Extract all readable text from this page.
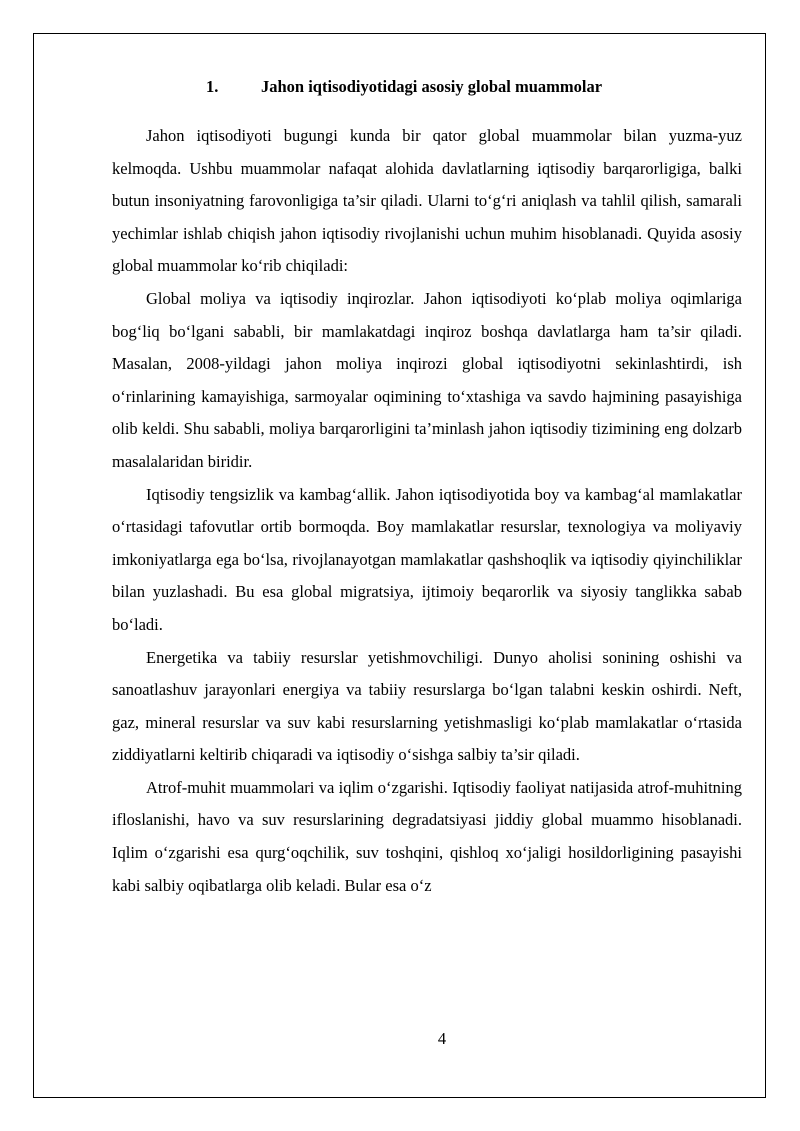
1.	Jahon iqtisodiyotidagi asosiy global muammolar

Jahon iqtisodiyoti bugungi kunda bir qator global muammolar bilan yuzma-yuz kelmoqda. Ushbu muammolar nafaqat alohida davlatlarning iqtisodiy barqarorligiga, balki butun insoniyatning farovonligiga ta’sir qiladi. Ularni to‘g‘ri aniqlash va tahlil qilish, samarali yechimlar ishlab chiqish jahon iqtisodiy rivojlanishi uchun muhim hisoblanadi. Quyida asosiy global muammolar ko‘rib chiqiladi:

Global moliya va iqtisodiy inqirozlar. Jahon iqtisodiyoti ko‘plab moliya oqimlariga bog‘liq bo‘lgani sababli, bir mamlakatdagi inqiroz boshqa davlatlarga ham ta’sir qiladi. Masalan, 2008-yildagi jahon moliya inqirozi global iqtisodiyotni sekinlashtirdi, ish o‘rinlarining kamayishiga, sarmoyalar oqimining to‘xtashiga va savdo hajmining pasayishiga olib keldi. Shu sababli, moliya barqarorligini ta’minlash jahon iqtisodiy tizimining eng dolzarb masalalaridan biridir.

Iqtisodiy tengsizlik va kambag‘allik. Jahon iqtisodiyotida boy va kambag‘al mamlakatlar o‘rtasidagi tafovutlar ortib bormoqda. Boy mamlakatlar resurslar, texnologiya va moliyaviy imkoniyatlarga ega bo‘lsa, rivojlanayotgan mamlakatlar qashshoqlik va iqtisodiy qiyinchiliklar bilan yuzlashadi. Bu esa global migratsiya, ijtimoiy beqarorlik va siyosiy tanglikka sabab bo‘ladi.

Energetika va tabiiy resurslar yetishmovchiligi. Dunyo aholisi sonining oshishi va sanoatlashuv jarayonlari energiya va tabiiy resurslarga bo‘lgan talabni keskin oshirdi. Neft, gaz, mineral resurslar va suv kabi resurslarning yetishmasligi ko‘plab mamlakatlar o‘rtasida ziddiyatlarni keltirib chiqaradi va iqtisodiy o‘sishga salbiy ta’sir qiladi.

Atrof-muhit muammolari va iqlim o‘zgarishi. Iqtisodiy faoliyat natijasida atrof-muhitning ifloslanishi, havo va suv resurslarining degradatsiyasi jiddiy global muammo hisoblanadi. Iqlim o‘zgarishi esa qurg‘oqchilik, suv toshqini, qishloq xo‘jaligi hosildorligining pasayishi kabi salbiy oqibatlarga olib keladi. Bular esa o‘z

4
